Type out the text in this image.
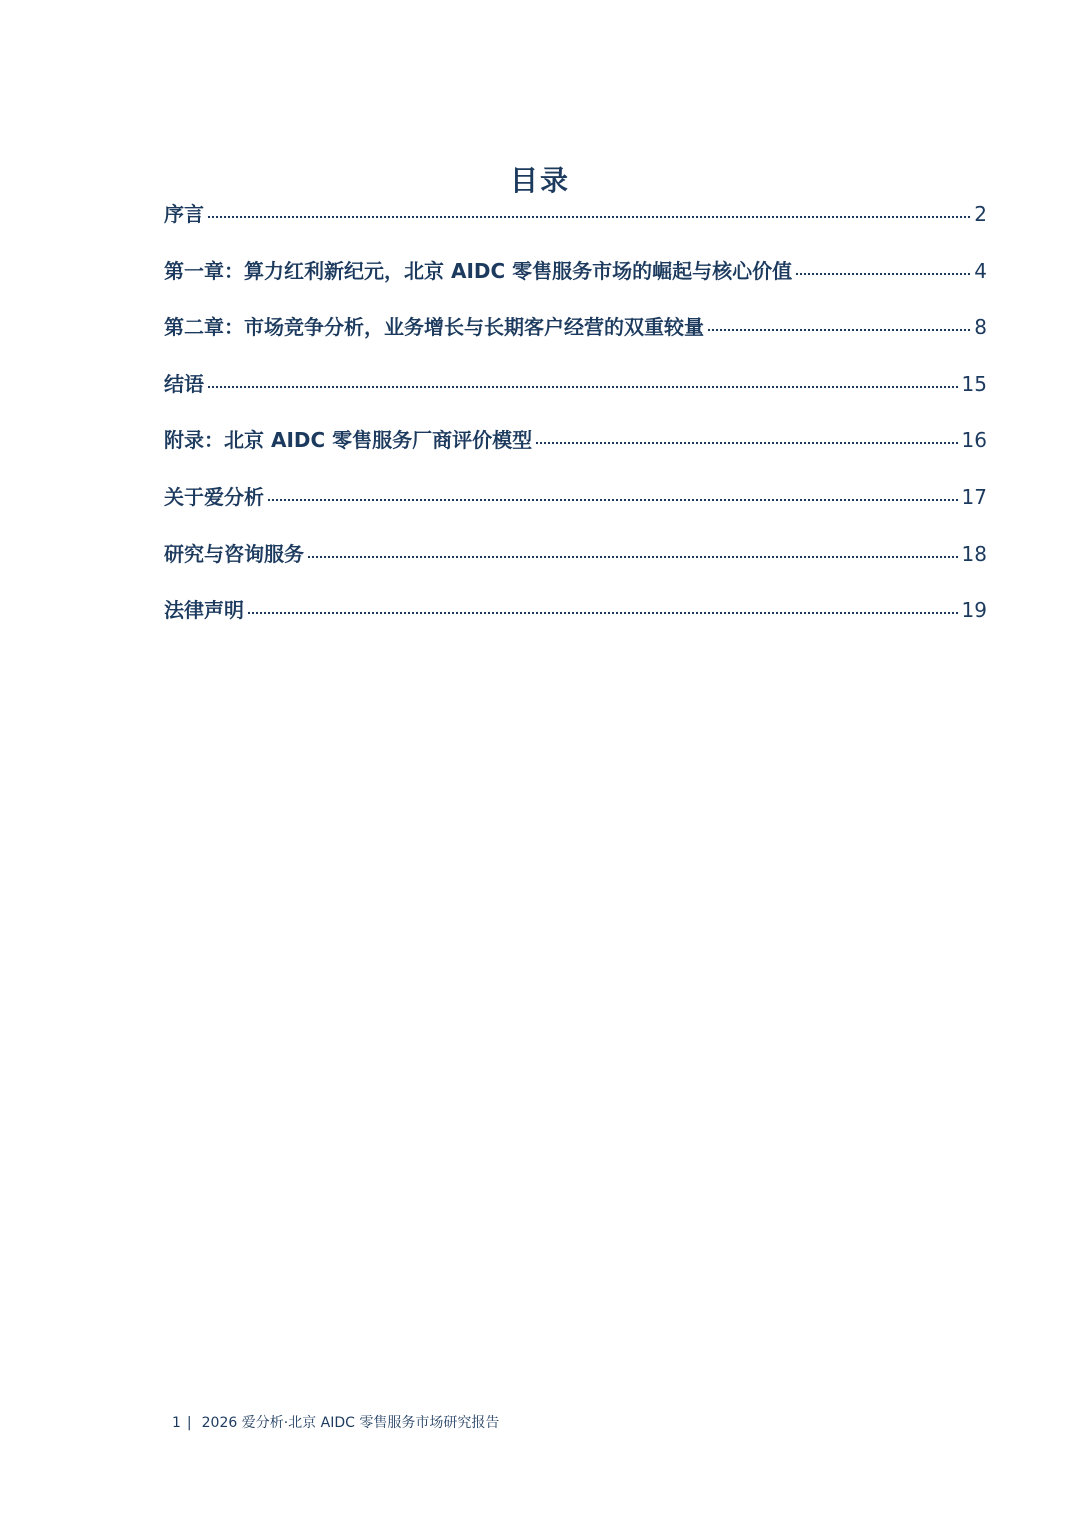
目录
序言	2
第一章：算力红利新纪元，北京 AIDC 零售服务市场的崛起与核心价值	4
第二章：市场竞争分析，业务增长与长期客户经营的双重较量	8
结语	15
附录：北京 AIDC 零售服务厂商评价模型	16
关于爱分析	17
研究与咨询服务	18
法律声明	19
1 | 2026 爱分析·北京 AIDC 零售服务市场研究报告
